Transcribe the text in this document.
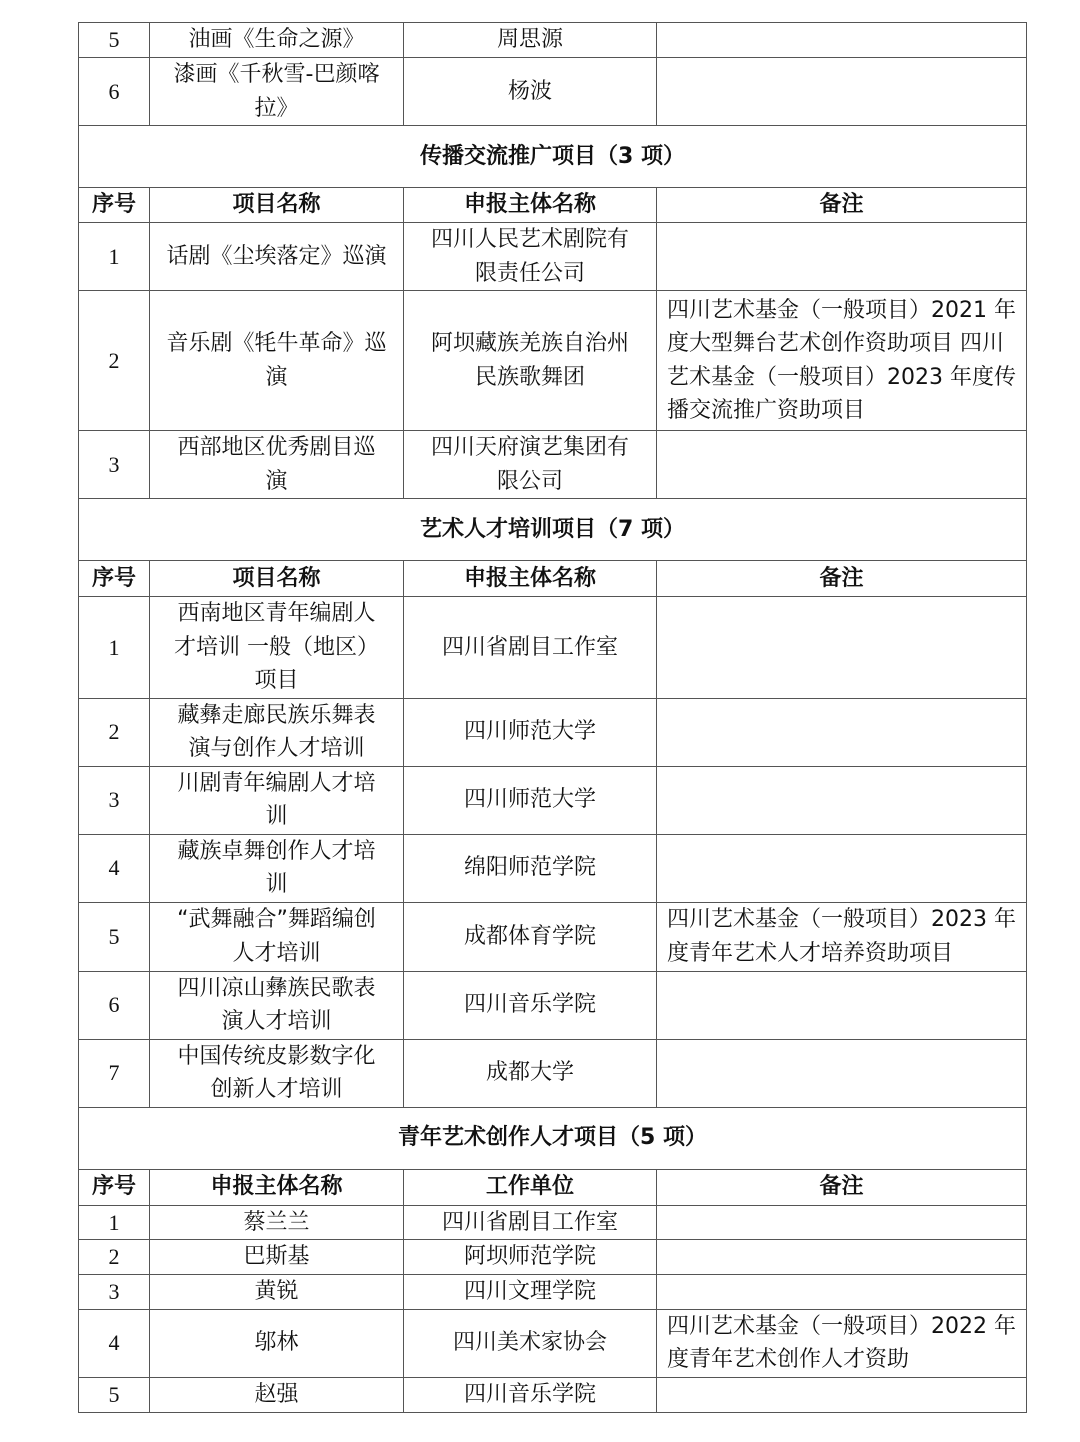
5	油画《生命之源》	周思源	
6	漆画《千秋雪-巴颜喀拉》	杨波	
传播交流推广项目（3 项）			
序号	项目名称	申报主体名称	备注
1	话剧《尘埃落定》巡演	四川人民艺术剧院有限责任公司	
2	音乐剧《牦牛革命》巡演	阿坝藏族羌族自治州民族歌舞团	四川艺术基金（一般项目）2021 年度大型舞台艺术创作资助项目 四川艺术基金（一般项目）2023 年度传播交流推广资助项目
3	西部地区优秀剧目巡演	四川天府演艺集团有限公司	
艺术人才培训项目（7 项）			
序号	项目名称	申报主体名称	备注
1	西南地区青年编剧人才培训 一般（地区）项目	四川省剧目工作室	
2	藏彝走廊民族乐舞表演与创作人才培训	四川师范大学	
3	川剧青年编剧人才培训	四川师范大学	
4	藏族卓舞创作人才培训	绵阳师范学院	
5	“武舞融合”舞蹈编创人才培训	成都体育学院	四川艺术基金（一般项目）2023 年度青年艺术人才培养资助项目
6	四川凉山彝族民歌表演人才培训	四川音乐学院	
7	中国传统皮影数字化创新人才培训	成都大学	
青年艺术创作人才项目（5 项）			
序号	申报主体名称	工作单位	备注
1	蔡兰兰	四川省剧目工作室	
2	巴斯基	阿坝师范学院	
3	黄锐	四川文理学院	
4	邬林	四川美术家协会	四川艺术基金（一般项目）2022 年度青年艺术创作人才资助
5	赵强	四川音乐学院	
